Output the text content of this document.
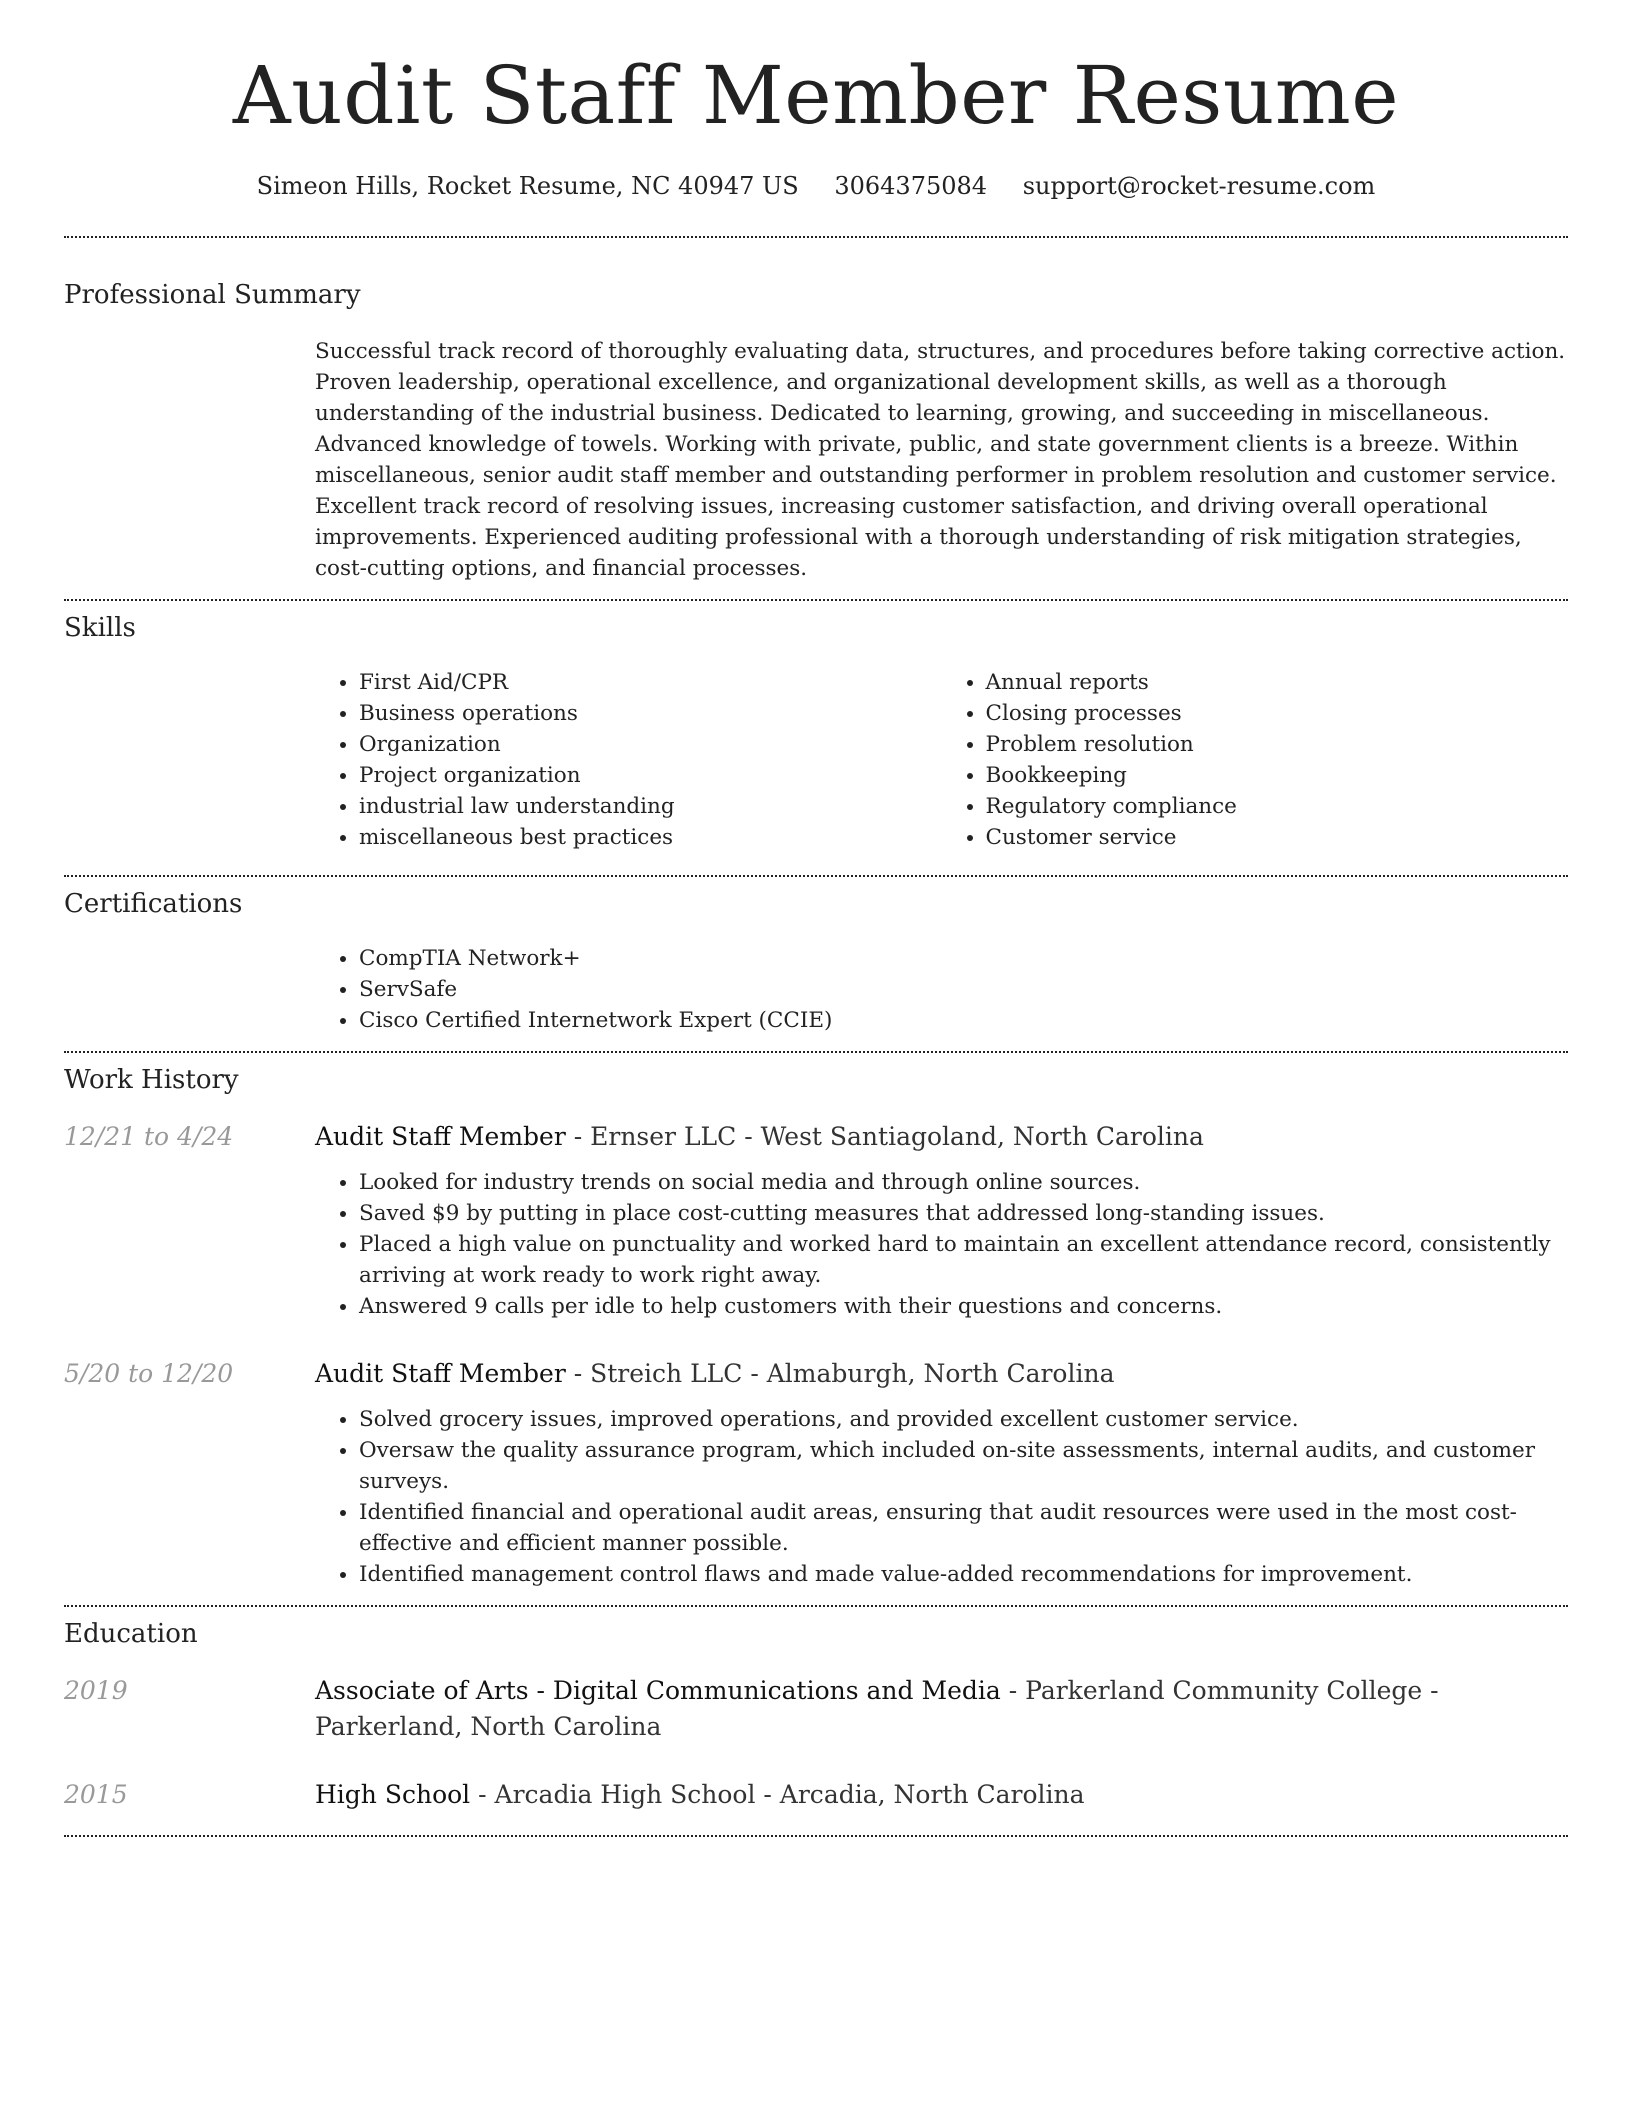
Audit Staff Member Resume
Simeon Hills, Rocket Resume, NC 40947 US 3064375084 support@rocket-resume.com
Professional Summary

Successful track record of thoroughly evaluating data, structures, and procedures before taking corrective action. Proven leadership, operational excellence, and organizational development skills, as well as a thorough understanding of the industrial business. Dedicated to learning, growing, and succeeding in miscellaneous. Advanced knowledge of towels. Working with private, public, and state government clients is a breeze. Within miscellaneous, senior audit staff member and outstanding performer in problem resolution and customer service. Excellent track record of resolving issues, increasing customer satisfaction, and driving overall operational improvements. Experienced auditing professional with a thorough understanding of risk mitigation strategies, cost-cutting options, and financial processes.

Skills
• First Aid/CPR
• Business operations
• Organization
• Project organization
• industrial law understanding
• miscellaneous best practices
• Annual reports
• Closing processes
• Problem resolution
• Bookkeeping
• Regulatory compliance
• Customer service
Certifications
• CompTIA Network+
• ServSafe
• Cisco Certified Internetwork Expert (CCIE)
Work History
12/21 to 4/24	Audit Staff Member - Ernser LLC - West Santiagoland, North Carolina

• Looked for industry trends on social media and through online sources.
• Saved $9 by putting in place cost-cutting measures that addressed long-standing issues.
• Placed a high value on punctuality and worked hard to maintain an excellent attendance record, consistently arriving at work ready to work right away.
• Answered 9 calls per idle to help customers with their questions and concerns.
5/20 to 12/20	Audit Staff Member - Streich LLC - Almaburgh, North Carolina

• Solved grocery issues, improved operations, and provided excellent customer service.
• Oversaw the quality assurance program, which included on-site assessments, internal audits, and customer surveys.
• Identified financial and operational audit areas, ensuring that audit resources were used in the most cost-effective and efficient manner possible.
• Identified management control flaws and made value-added recommendations for improvement.
Education
2019	Associate of Arts - Digital Communications and Media - Parkerland Community College - Parkerland, North Carolina

2015	High School - Arcadia High School - Arcadia, North Carolina
